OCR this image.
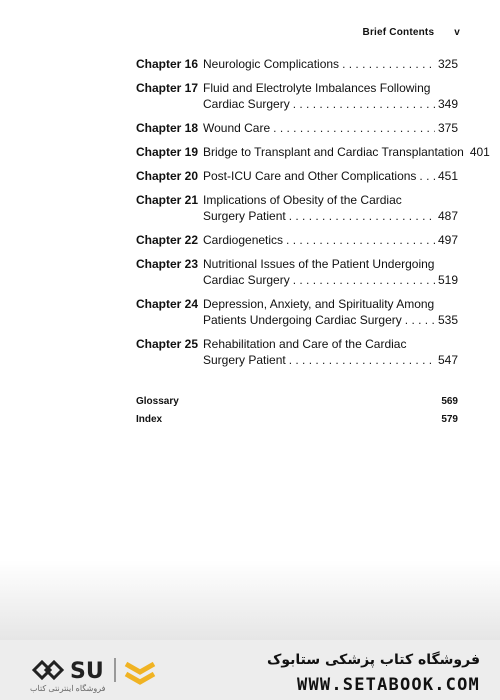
Brief Contents v
Chapter 16 Neurologic Complications . . .	325
Chapter 17 Fluid and Electrolyte Imbalances Following
Cardiac Surgery . . .	349
Chapter 18 Wound Care . . .	375
Chapter 19 Bridge to Transplant and Cardiac Transplantation 401
Chapter 20 Post-ICU Care and Other Complications . . . 451
Chapter 21 Implications of Obesity of the Cardiac
Surgery Patient . . .	487
Chapter 22 Cardiogenetics . . .	497
Chapter 23 Nutritional Issues of the Patient Undergoing
Cardiac Surgery . . .	519
Chapter 24 Depression, Anxiety, and Spirituality Among
Patients Undergoing Cardiac Surgery . . .	535
Chapter 25 Rehabilitation and Care of the Cardiac
Surgery Patient . . .	547
Glossary	569
Index	579
SU
فروشگاه اینترنتی کتاب
فروشگاه کتاب پزشکی ستابوک
WWW.SETABOOK.COM
